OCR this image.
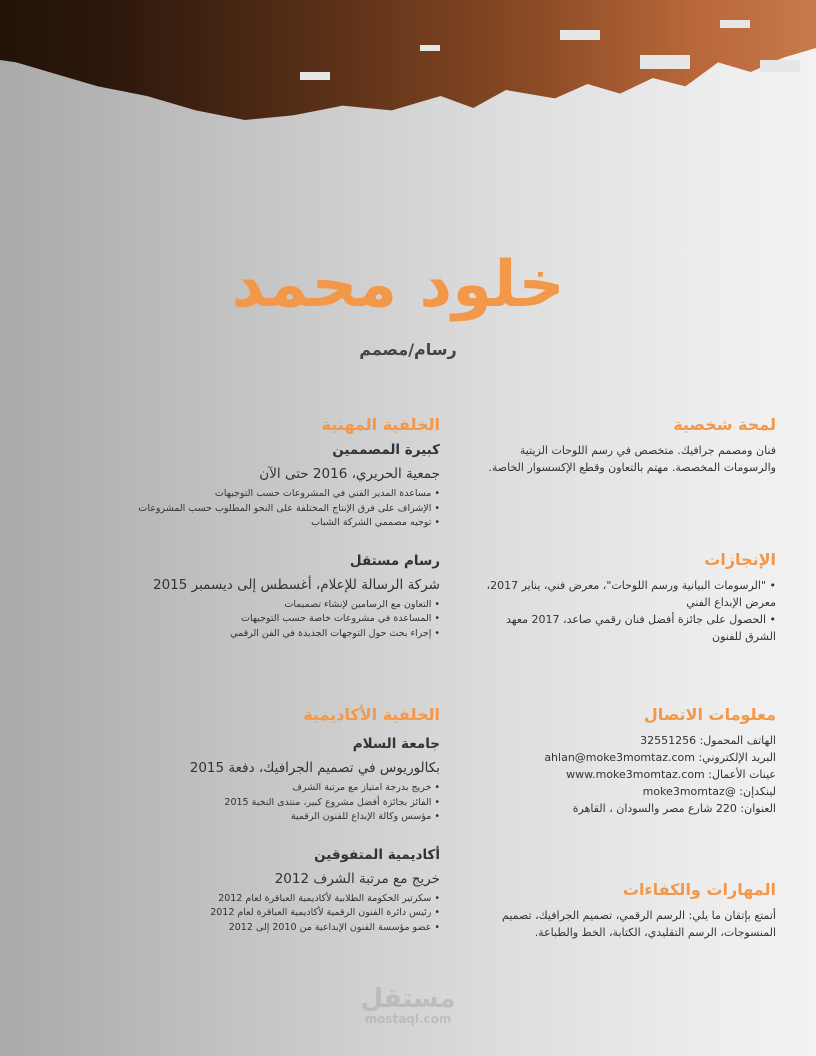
خلود محمد
رسام/مصمم
لمحة شخصية
فنان ومصمم جرافيك. متخصص في رسم اللوحات الزيتية والرسومات المخصصة. مهتم بالتعاون وقطع الإكسسوار الخاصة.
الإنجازات
• "الرسومات البيانية ورسم اللوحات"، معرض فني، يناير 2017، معرض الإبداع الفني
• الحصول على جائزة أفضل فنان رقمي صاعد، 2017 معهد الشرق للفنون
معلومات الاتصال
الهاتف المحمول: 32551256
البريد الإلكتروني: ahlan@moke3momtaz.com
عينات الأعمال: www.moke3momtaz.com
لينكدإن: @moke3momtaz
العنوان: 220 شارع مصر والسودان ، القاهرة
المهارات والكفاءات
أتمتع بإتقان ما يلي: الرسم الرقمي، تصميم الجرافيك، تصميم المنسوجات، الرسم التقليدي، الكتابة، الخط والطباعة.
الخلفية المهنية
كبيرة المصممين
جمعية الحريري، 2016 حتى الآن
• مساعدة المدير الفني في المشروعات حسب التوجيهات
• الإشراف على فرق الإنتاج المختلفة على النحو المطلوب حسب المشروعات
• توجيه مصممي الشركة الشباب
رسام مستقل
شركة الرسالة للإعلام، أغسطس إلى ديسمبر 2015
• التعاون مع الرسامين لإنشاء تصميمات
• المساعدة في مشروعات خاصة حسب التوجيهات
• إجراء بحث حول التوجهات الجديدة في الفن الرقمي
الخلفية الأكاديمية
جامعة السلام
بكالوريوس في تصميم الجرافيك، دفعة 2015
• خريج بدرجة امتياز مع مرتبة الشرف
• الفائز بجائزة أفضل مشروع كبير، منتدى النخبة 2015
• مؤسس وكالة الإبداع للفنون الرقمية
أكاديمية المتفوقين
خريج مع مرتبة الشرف 2012
• سكرتير الحكومة الطلابية لأكاديمية العباقرة لعام 2012
• رئيس دائرة الفنون الرقمية لأكاديمية العباقرة لعام 2012
• عضو مؤسسة الفنون الإبداعية من 2010 إلى 2012
مستقل
mostaql.com
